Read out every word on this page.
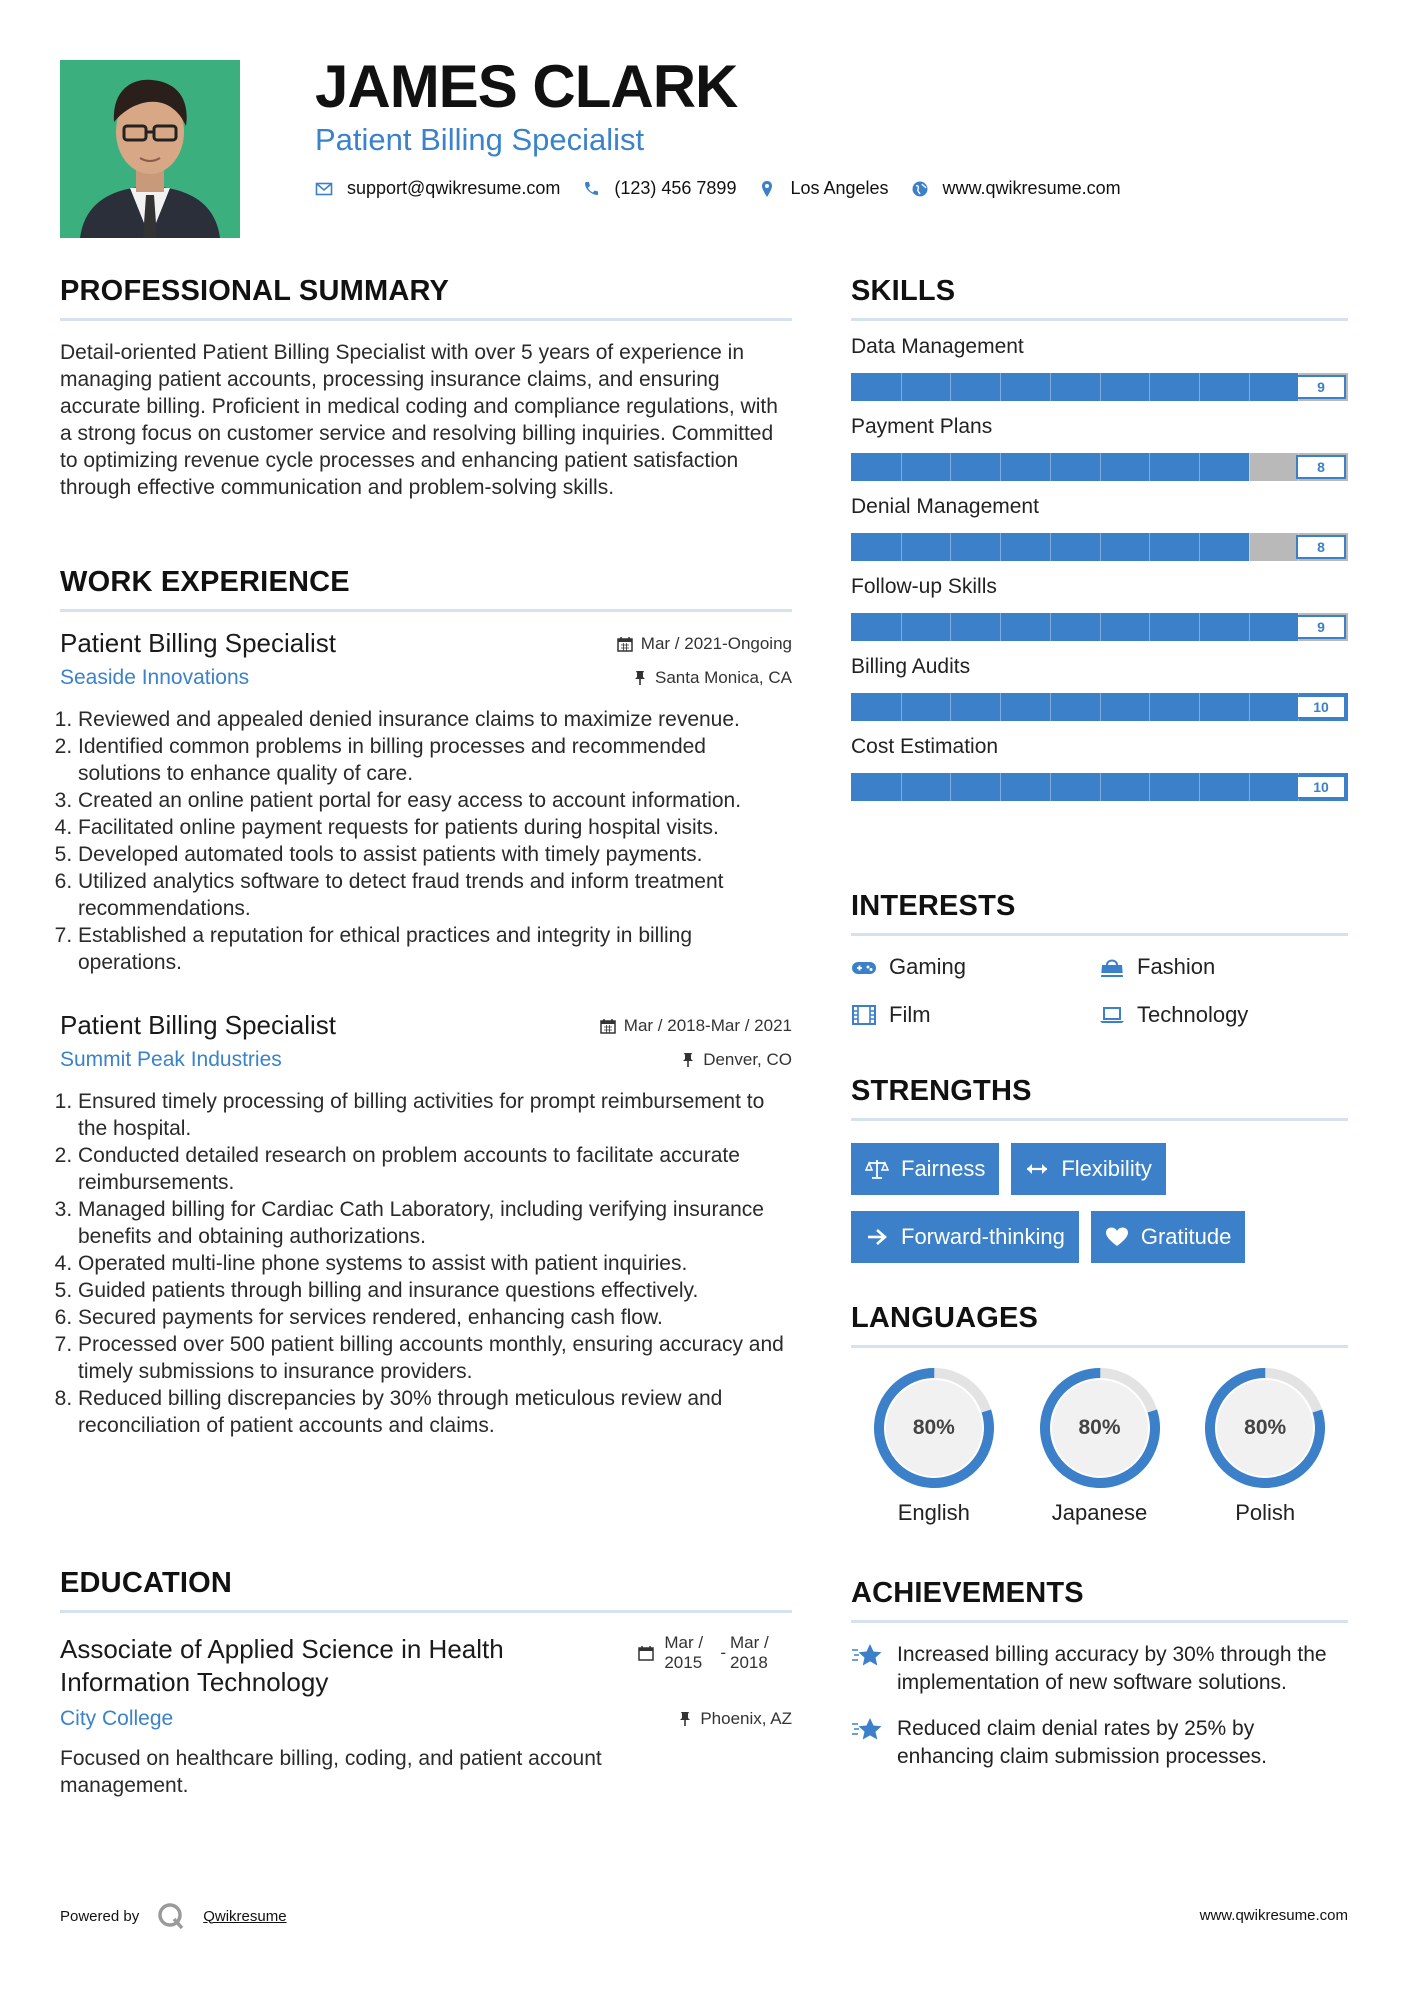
JAMES CLARK

Patient Billing Specialist

support@qwikresume.com	(123) 456 7899	Los Angeles	www.qwikresume.com
PROFESSIONAL SUMMARY
Detail-oriented Patient Billing Specialist with over 5 years of experience in managing patient accounts, processing insurance claims, and ensuring accurate billing. Proficient in medical coding and compliance regulations, with a strong focus on customer service and resolving billing inquiries. Committed to optimizing revenue cycle processes and enhancing patient satisfaction through effective communication and problem-solving skills.
WORK EXPERIENCE
Patient Billing Specialist	Mar / 2021-Ongoing
Seaside Innovations	Santa Monica, CA
1. Reviewed and appealed denied insurance claims to maximize revenue.
2. Identified common problems in billing processes and recommended solutions to enhance quality of care.
3. Created an online patient portal for easy access to account information.
4. Facilitated online payment requests for patients during hospital visits.
5. Developed automated tools to assist patients with timely payments.
6. Utilized analytics software to detect fraud trends and inform treatment recommendations.
7. Established a reputation for ethical practices and integrity in billing operations.
Patient Billing Specialist	Mar / 2018-Mar / 2021
Summit Peak Industries	Denver, CO
1. Ensured timely processing of billing activities for prompt reimbursement to the hospital.
2. Conducted detailed research on problem accounts to facilitate accurate reimbursements.
3. Managed billing for Cardiac Cath Laboratory, including verifying insurance benefits and obtaining authorizations.
4. Operated multi-line phone systems to assist with patient inquiries.
5. Guided patients through billing and insurance questions effectively.
6. Secured payments for services rendered, enhancing cash flow.
7. Processed over 500 patient billing accounts monthly, ensuring accuracy and timely submissions to insurance providers.
8. Reduced billing discrepancies by 30% through meticulous review and reconciliation of patient accounts and claims.
EDUCATION
Associate of Applied Science in Health Information Technology
Mar / 2015
-
Mar / 2018
City College	Phoenix, AZ
Focused on healthcare billing, coding, and patient account management.
SKILLS
Data Management
9
Payment Plans
8
Denial Management
8
Follow-up Skills
9
Billing Audits
10
Cost Estimation
10
INTERESTS
Gaming	Fashion
Film	Technology
STRENGTHS
Fairness	Flexibility
Forward-thinking	Gratitude
LANGUAGES
80%
English
80%
Japanese
80%
Polish
ACHIEVEMENTS
Increased billing accuracy by 30% through the implementation of new software solutions.
Reduced claim denial rates by 25% by enhancing claim submission processes.
Powered by	Qwikresume	www.qwikresume.com
